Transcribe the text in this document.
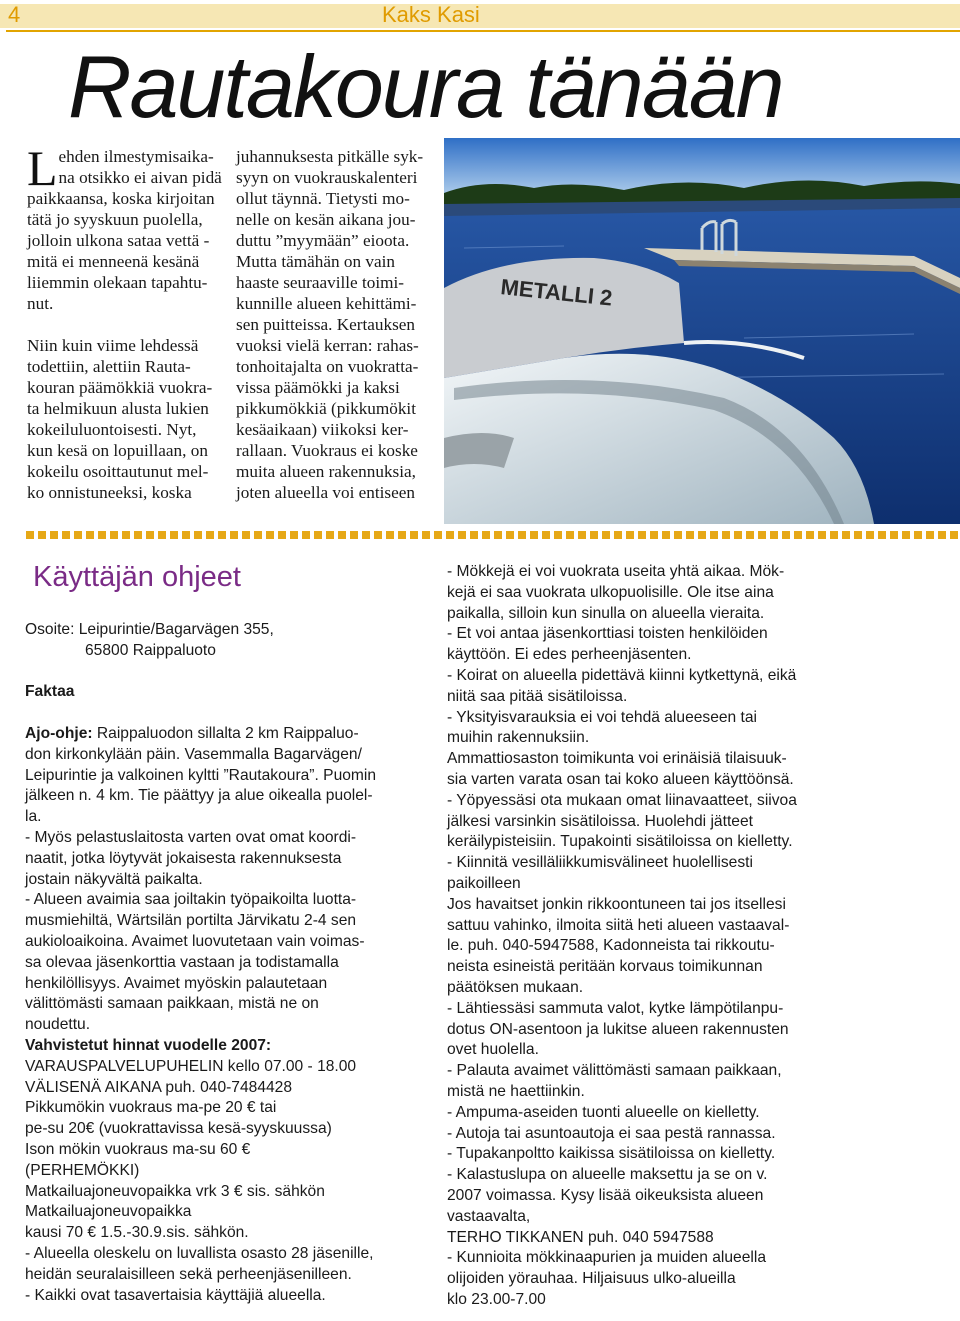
4	Kaks Kasi
Rautakoura tänään
L ehden ilmestymisaika-
na otsikko ei aivan pidä

paikkaansa, koska kirjoitan

tätä jo syyskuun puolella,

jolloin ulkona sataa vettä -

mitä ei menneenä kesänä

liiemmin olekaan tapahtu-

nut.

Niin kuin viime lehdessä

todettiin, alettiin Rauta-

kouran päämökkiä vuokra-

ta helmikuun alusta lukien

kokeiluluontoisesti. Nyt,

kun kesä on lopuillaan, on

kokeilu osoittautunut mel-

ko onnistuneeksi, koska

juhannuksesta pitkälle syk-

syyn on vuokrauskalenteri

ollut täynnä. Tietysti mo-

nelle on kesän aikana jou-

duttu ”myymään” eioota.

Mutta tämähän on vain

haaste seuraaville toimi-

kunnille alueen kehittämi-

sen puitteissa. Kertauksen

vuoksi vielä kerran: rahas-

tonhoitajalta on vuokratta-

vissa päämökki ja kaksi

pikkumökkiä (pikkumökit

kesäaikaan) viikoksi ker-

rallaan. Vuokraus ei koske

muita alueen rakennuksia,

joten alueella voi entiseen

METALLI 2
Käyttäjän ohjeet

Osoite: Leipurintie/Bagarvägen 355,

65800 Raippaluoto

Faktaa

Ajo-ohje: Raippaluodon sillalta 2 km Raippaluo-

don kirkonkylään päin. Vasemmalla Bagarvägen/

Leipurintie ja valkoinen kyltti ”Rautakoura”. Puomin

jälkeen n. 4 km. Tie päättyy ja alue oikealla puolel-

la.

- Myös pelastuslaitosta varten ovat omat koordi-

naatit, jotka löytyvät jokaisesta rakennuksesta

jostain näkyvältä paikalta.

- Alueen avaimia saa joiltakin työpaikoilta luotta-

musmiehiltä, Wärtsilän portilta Järvikatu 2-4 sen

aukioloaikoina. Avaimet luovutetaan vain voimas-

sa olevaa jäsenkorttia vastaan ja todistamalla

henkilöllisyys. Avaimet myöskin palautetaan

välittömästi samaan paikkaan, mistä ne on

noudettu.

Vahvistetut hinnat vuodelle 2007:

VARAUSPALVELUPUHELIN kello 07.00 - 18.00

VÄLISENÄ AIKANA puh. 040-7484428

Pikkumökin vuokraus ma-pe 20 € tai

pe-su 20€ (vuokrattavissa kesä-syyskuussa)

Ison mökin vuokraus ma-su 60 €

(PERHEMÖKKI)

Matkailuajoneuvopaikka vrk 3 € sis. sähkön

Matkailuajoneuvopaikka

kausi 70 € 1.5.-30.9.sis. sähkön.

- Alueella oleskelu on luvallista osasto 28 jäsenille,

heidän seuralaisilleen sekä perheenjäsenilleen.

- Kaikki ovat tasavertaisia käyttäjiä alueella.

- Mökkejä ei voi vuokrata useita yhtä aikaa. Mök-

kejä ei saa vuokrata ulkopuolisille. Ole itse aina

paikalla, silloin kun sinulla on alueella vieraita.

- Et voi antaa jäsenkorttiasi toisten henkilöiden

käyttöön. Ei edes perheenjäsenten.

- Koirat on alueella pidettävä kiinni kytkettynä, eikä

niitä saa pitää sisätiloissa.

- Yksityisvarauksia ei voi tehdä alueeseen tai

muihin rakennuksiin.

Ammattiosaston toimikunta voi erinäisiä tilaisuuk-

sia varten varata osan tai koko alueen käyttöönsä.

- Yöpyessäsi ota mukaan omat liinavaatteet, siivoa

jälkesi varsinkin sisätiloissa. Huolehdi jätteet

keräilypisteisiin. Tupakointi sisätiloissa on kielletty.

- Kiinnitä vesilläliikkumisvälineet huolellisesti

paikoilleen

Jos havaitset jonkin rikkoontuneen tai jos itsellesi

sattuu vahinko, ilmoita siitä heti alueen vastaaval-

le. puh. 040-5947588, Kadonneista tai rikkoutu-

neista esineistä peritään korvaus toimikunnan

päätöksen mukaan.

- Lähtiessäsi sammuta valot, kytke lämpötilanpu-

dotus ON-asentoon ja lukitse alueen rakennusten

ovet huolella.

- Palauta avaimet välittömästi samaan paikkaan,

mistä ne haettiinkin.

- Ampuma-aseiden tuonti alueelle on kielletty.

- Autoja tai asuntoautoja ei saa pestä rannassa.

- Tupakanpoltto kaikissa sisätiloissa on kielletty.

- Kalastuslupa on alueelle maksettu ja se on v.

2007 voimassa. Kysy lisää oikeuksista alueen

vastaavalta,

TERHO TIKKANEN puh. 040 5947588

- Kunnioita mökkinaapurien ja muiden alueella

olijoiden yörauhaa. Hiljaisuus ulko-alueilla

klo 23.00-7.00
